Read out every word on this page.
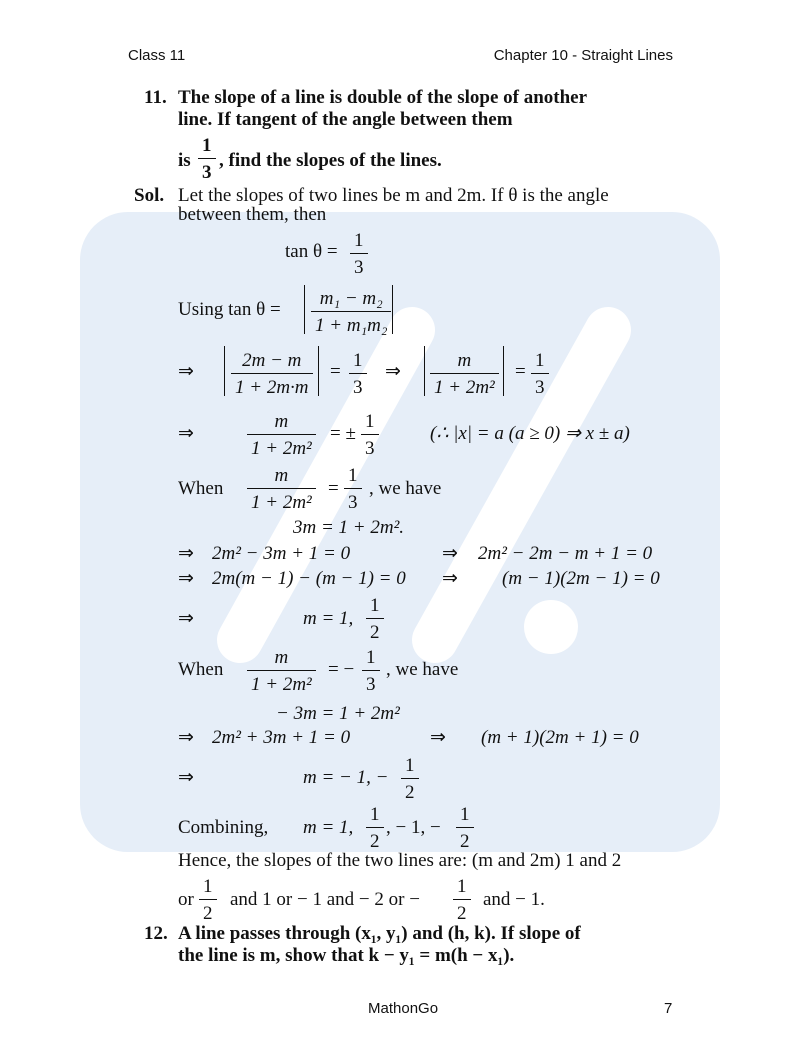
Class 11	Chapter 10 - Straight Lines
11. The slope of a line is double of the slope of another
line. If tangent of the angle between them
is
1
3
, find the slopes of the lines.
Sol. Let the slopes of two lines be m and 2m. If θ is the angle
between them, then
tan θ =
1
3
Using tan θ =
m₁ − m₂
1 + m₁m₂
⇒
2m − m
1 + 2m·m
=
1
3
⇒
m
1 + 2m²
=
1
3
⇒
m
1 + 2m²
= ±
1
3
(∴ |x| = a (a ≥ 0) ⇒ x ± a)
When
m
1 + 2m²
=
1
3
, we have
3m = 1 + 2m².
⇒ 2m² − 3m + 1 = 0	⇒ 2m² − 2m − m + 1 = 0
⇒ 2m(m − 1) − (m − 1) = 0 ⇒ (m − 1)(2m − 1) = 0
⇒	m = 1,
1
2
When
m
1 + 2m²
= −
1
3
, we have
− 3m = 1 + 2m²
⇒ 2m² + 3m + 1 = 0	⇒ (m + 1)(2m + 1) = 0
⇒	m = − 1, −
1
2
Combining, m = 1,
1
2
, − 1, −
1
2
Hence, the slopes of the two lines are: (m and 2m) 1 and 2
or
1
2
and 1 or − 1 and − 2 or −
1
2
and − 1.
12. A line passes through (x₁, y₁) and (h, k). If slope of
the line is m, show that k − y₁ = m(h − x₁).
MathonGo	7
